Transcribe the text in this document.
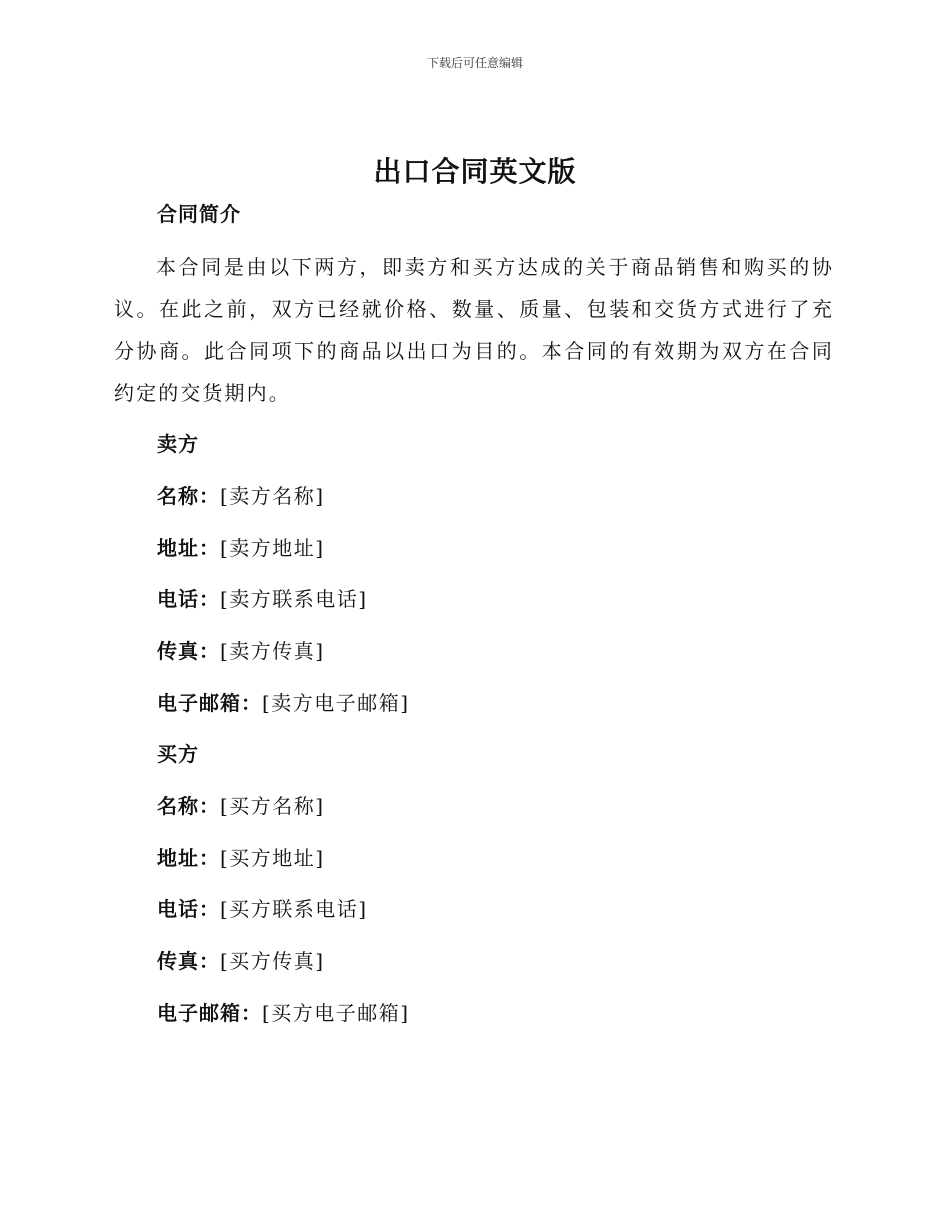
下载后可任意编辑
出口合同英文版
合同简介
本合同是由以下两方，即卖方和买方达成的关于商品销售和购买的协议。在此之前，双方已经就价格、数量、质量、包装和交货方式进行了充分协商。此合同项下的商品以出口为目的。本合同的有效期为双方在合同约定的交货期内。
卖方
名称：[卖方名称]
地址：[卖方地址]
电话：[卖方联系电话]
传真：[卖方传真]
电子邮箱：[卖方电子邮箱]
买方
名称：[买方名称]
地址：[买方地址]
电话：[买方联系电话]
传真：[买方传真]
电子邮箱：[买方电子邮箱]
